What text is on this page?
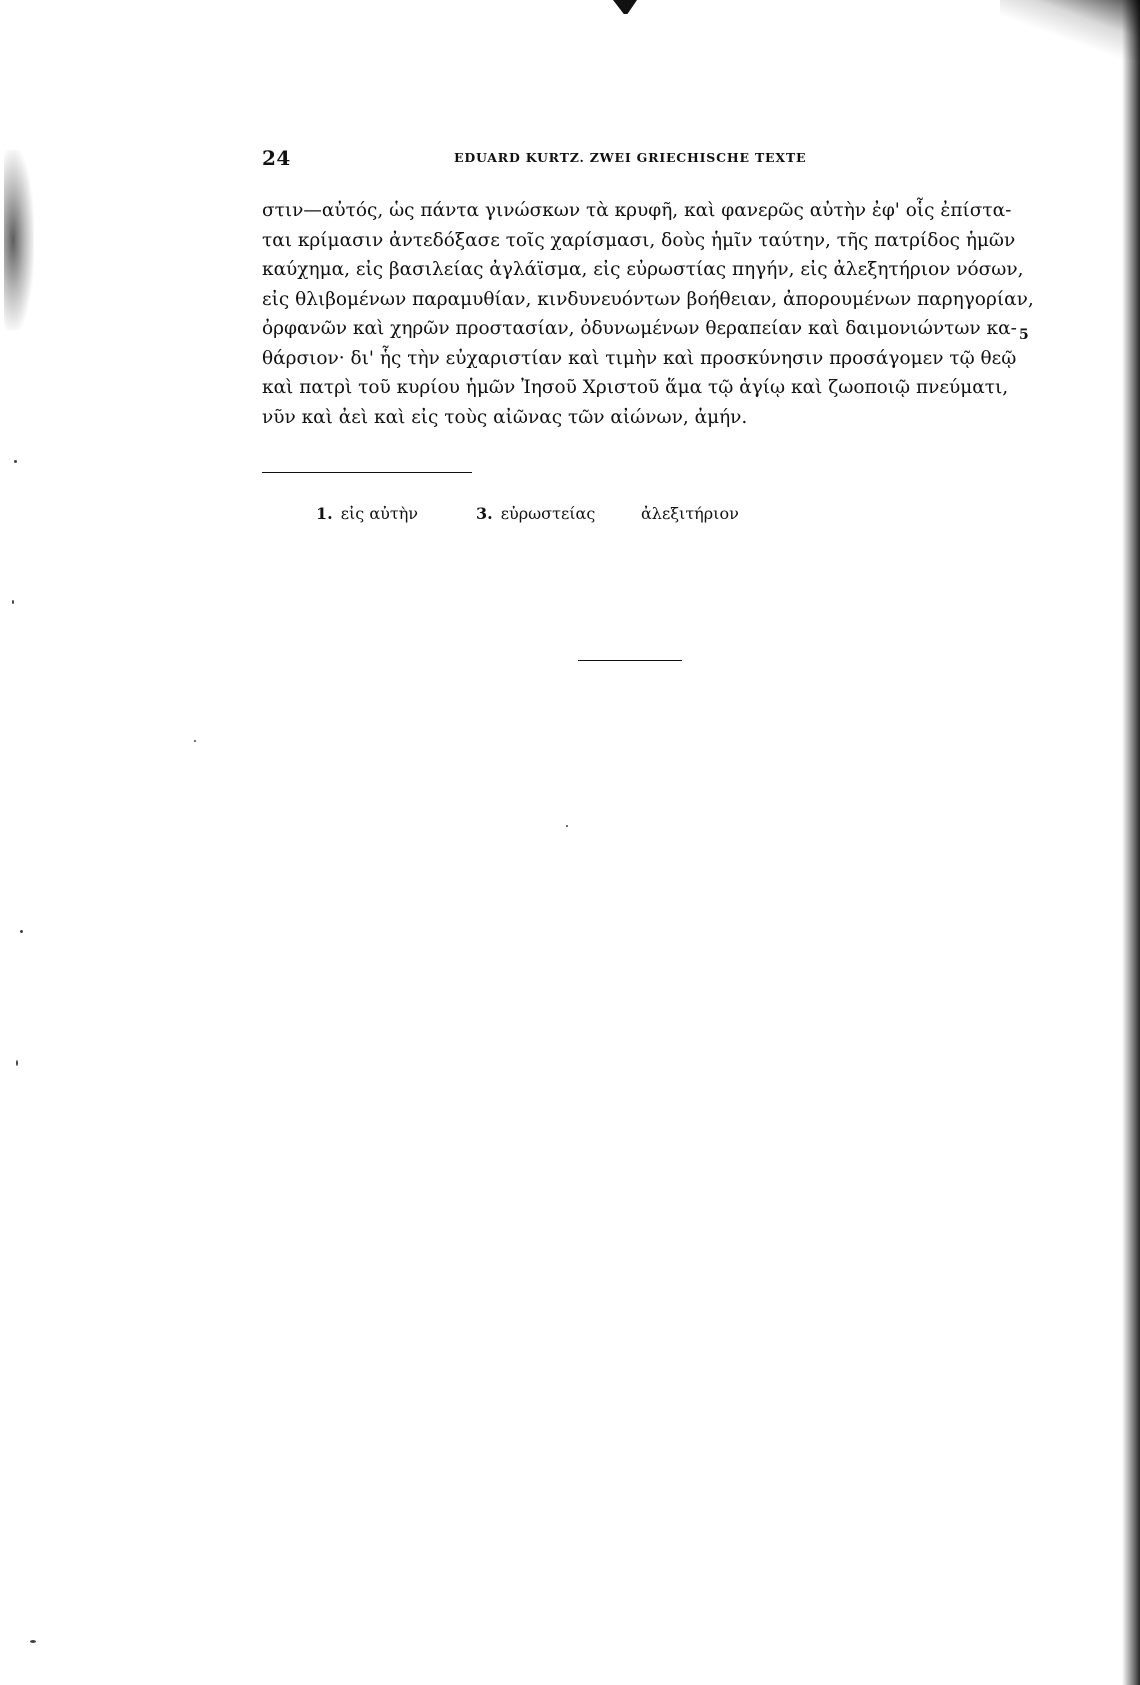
24	EDUARD KURTZ. ZWEI GRIECHISCHE TEXTE
στιν—αὐτός, ὡς πάντα γινώσκων τὰ κρυφῆ, καὶ φανερῶς αὐτὴν ἐφ' οἷς ἐπίστα-
ται κρίμασιν ἀντεδόξασε τοῖς χαρίσμασι, δοὺς ἡμῖν ταύτην, τῆς πατρίδος ἡμῶν
καύχημα, εἰς βασιλείας ἀγλάϊσμα, εἰς εὐρωστίας πηγήν, εἰς ἀλεξητήριον νόσων,
εἰς θλιβομένων παραμυθίαν, κινδυνευόντων βοήθειαν, ἀπορουμένων παρηγορίαν,
ὀρφανῶν καὶ χηρῶν προστασίαν, ὀδυνωμένων θεραπείαν καὶ δαιμονιώντων κα-
θάρσιον· δι' ἧς τὴν εὐχαριστίαν καὶ τιμὴν καὶ προσκύνησιν προσάγομεν τῷ θεῷ
καὶ πατρὶ τοῦ κυρίου ἡμῶν Ἰησοῦ Χριστοῦ ἅμα τῷ ἁγίῳ καὶ ζωοποιῷ πνεύματι,
νῦν καὶ ἀεὶ καὶ εἰς τοὺς αἰῶνας τῶν αἰώνων, ἀμήν.
5
1. εἰς αὐτὴν	3. εὐρωστείας	ἀλεξιτήριον
